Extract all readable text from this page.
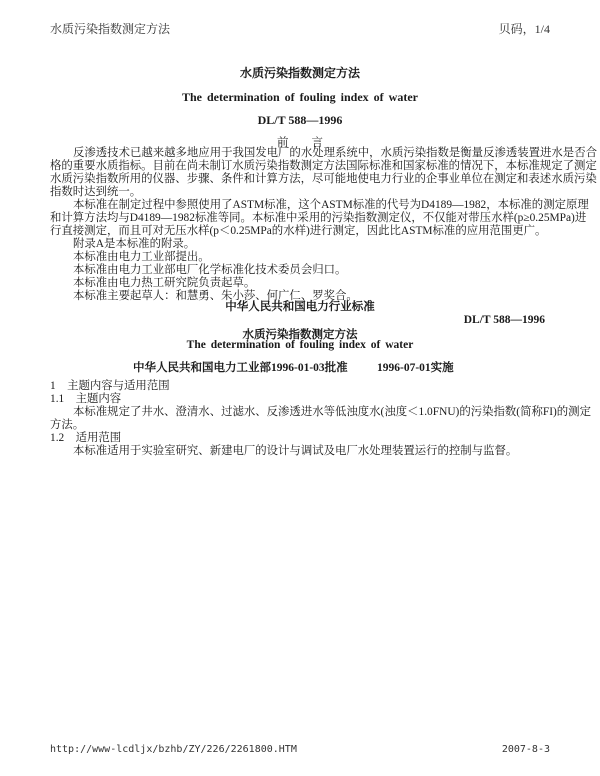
水质污染指数测定方法	贝码，1/4
水质污染指数测定方法
The determination of fouling index of water
DL/T 588—1996
前　　言
反渗透技术已越来越多地应用于我国发电厂的水处理系统中，水质污染指数是衡量反渗透装置进水是否合
格的重要水质指标。目前在尚未制订水质污染指数测定方法国际标准和国家标准的情况下，本标准规定了测定
水质污染指数所用的仪器、步骤、条件和计算方法，尽可能地使电力行业的企事业单位在测定和表述水质污染
指数时达到统一。
本标准在制定过程中参照使用了ASTM标准，这个ASTM标准的代号为D4189—1982，本标准的测定原理
和计算方法均与D4189—1982标准等同。本标准中采用的污染指数测定仪，不仅能对带压水样(p≥0.25MPa)进
行直接测定，而且可对无压水样(p＜0.25MPa的水样)进行测定，因此比ASTM标准的应用范围更广。
附录A是本标准的附录。
本标准由电力工业部提出。
本标准由电力工业部电厂化学标准化技术委员会归口。
本标准由电力热工研究院负责起草。
本标准主要起草人：和慧勇、朱小莎、何广仁、罗奖合。
中华人民共和国电力行业标准
DL/T 588—1996
水质污染指数测定方法
The determination of fouling index of water
中华人民共和国电力工业部1996-01-03批准	1996-07-01实施
1　主题内容与适用范围
1.1　主题内容
本标准规定了井水、澄清水、过滤水、反渗透进水等低浊度水(浊度＜1.0FNU)的污染指数(简称FI)的测定
方法。
1.2　适用范围
本标准适用于实验室研究、新建电厂的设计与调试及电厂水处理装置运行的控制与监督。
http://www-lcdljx/bzhb/ZY/226/2261800.HTM	2007-8-3
